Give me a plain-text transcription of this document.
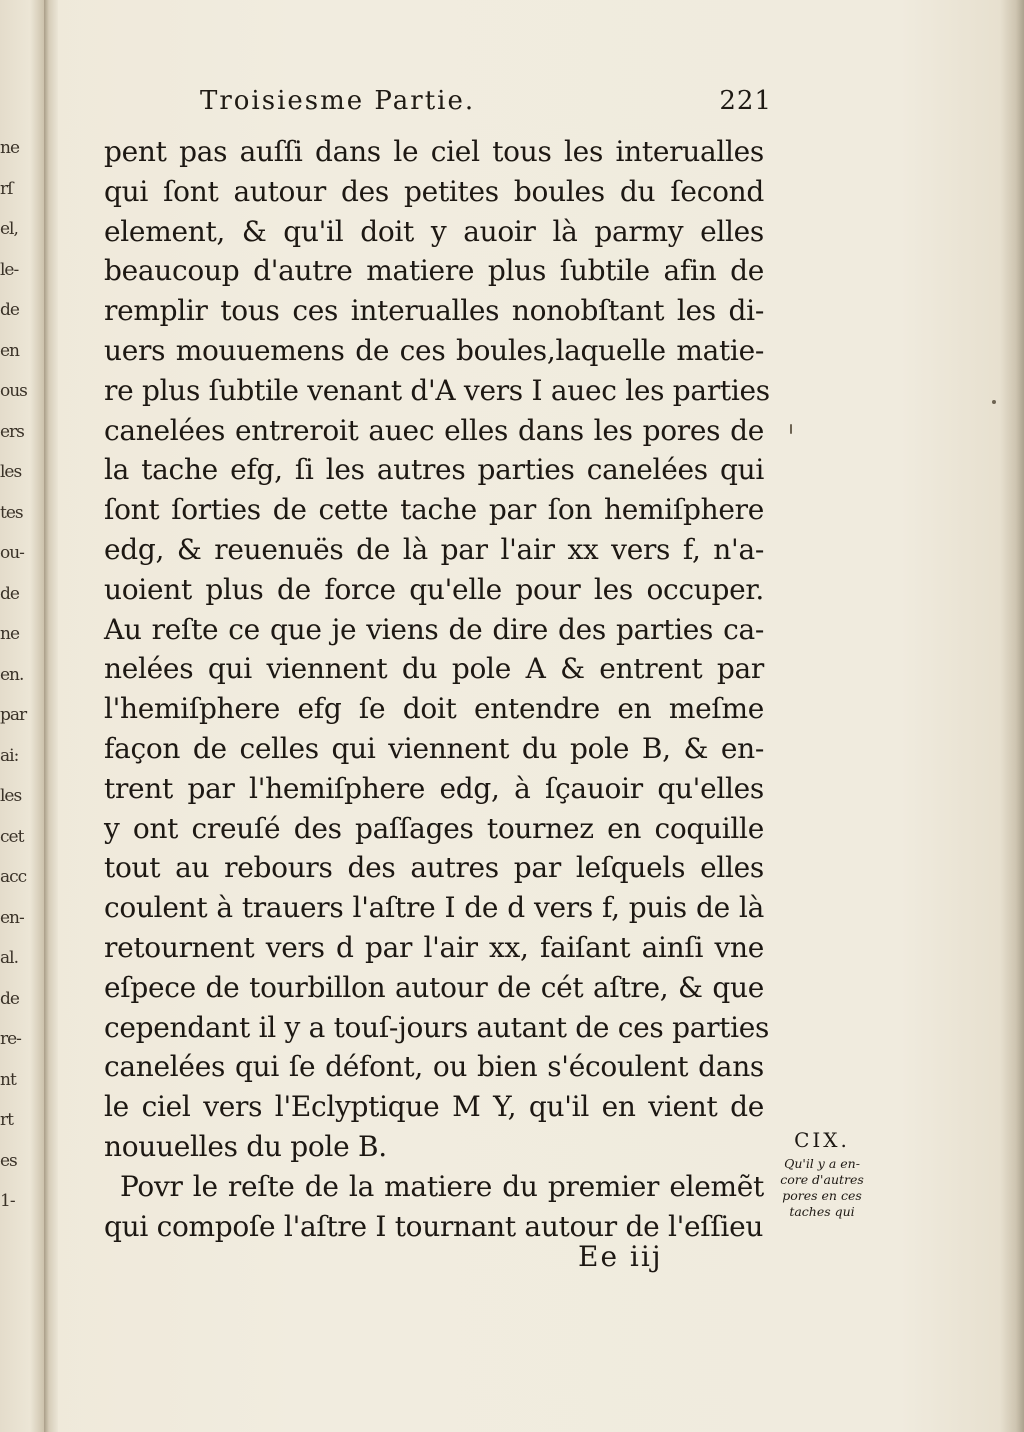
ne
rſ
el,
le-
de
en
ous
ers
les
tes
ou-
de
ne
en.
par
ai:
les
cet
acc
en-
al.
de
re-
nt
rt
es
1-
Troisiesme Partie.	221
pent pas auſſi dans le ciel tous les interualles
qui ſont autour des petites boules du ſecond
element, & qu'il doit y auoir là parmy elles
beaucoup d'autre matiere plus ſubtile afin de
remplir tous ces interualles nonobſtant les di-
uers mouuemens de ces boules,laquelle matie-
re plus ſubtile venant d'A vers I auec les parties
canelées entreroit auec elles dans les pores de
la tache efg, ſi les autres parties canelées qui
ſont ſorties de cette tache par ſon hemiſphere
edg, & reuenuës de là par l'air xx vers f, n'a-
uoient plus de force qu'elle pour les occuper.
Au reſte ce que je viens de dire des parties ca-
nelées qui viennent du pole A & entrent par
l'hemiſphere efg ſe doit entendre en meſme
façon de celles qui viennent du pole B, & en-
trent par l'hemiſphere edg, à ſçauoir qu'elles
y ont creuſé des paſſages tournez en coquille
tout au rebours des autres par leſquels elles
coulent à trauers l'aſtre I de d vers f, puis de là
retournent vers d par l'air xx, faiſant ainſi vne
eſpece de tourbillon autour de cét aſtre, & que
cependant il y a touſ-jours autant de ces parties
canelées qui ſe défont, ou bien s'écoulent dans
le ciel vers l'Eclyptique M Y, qu'il en vient de
nouuelles du pole B.
Povr le reſte de la matiere du premier elemẽt
qui compoſe l'aſtre I tournant autour de l'eſſieu
Ee iij
CIX.
Qu'il y a en-core d'autres pores en ces taches qui
